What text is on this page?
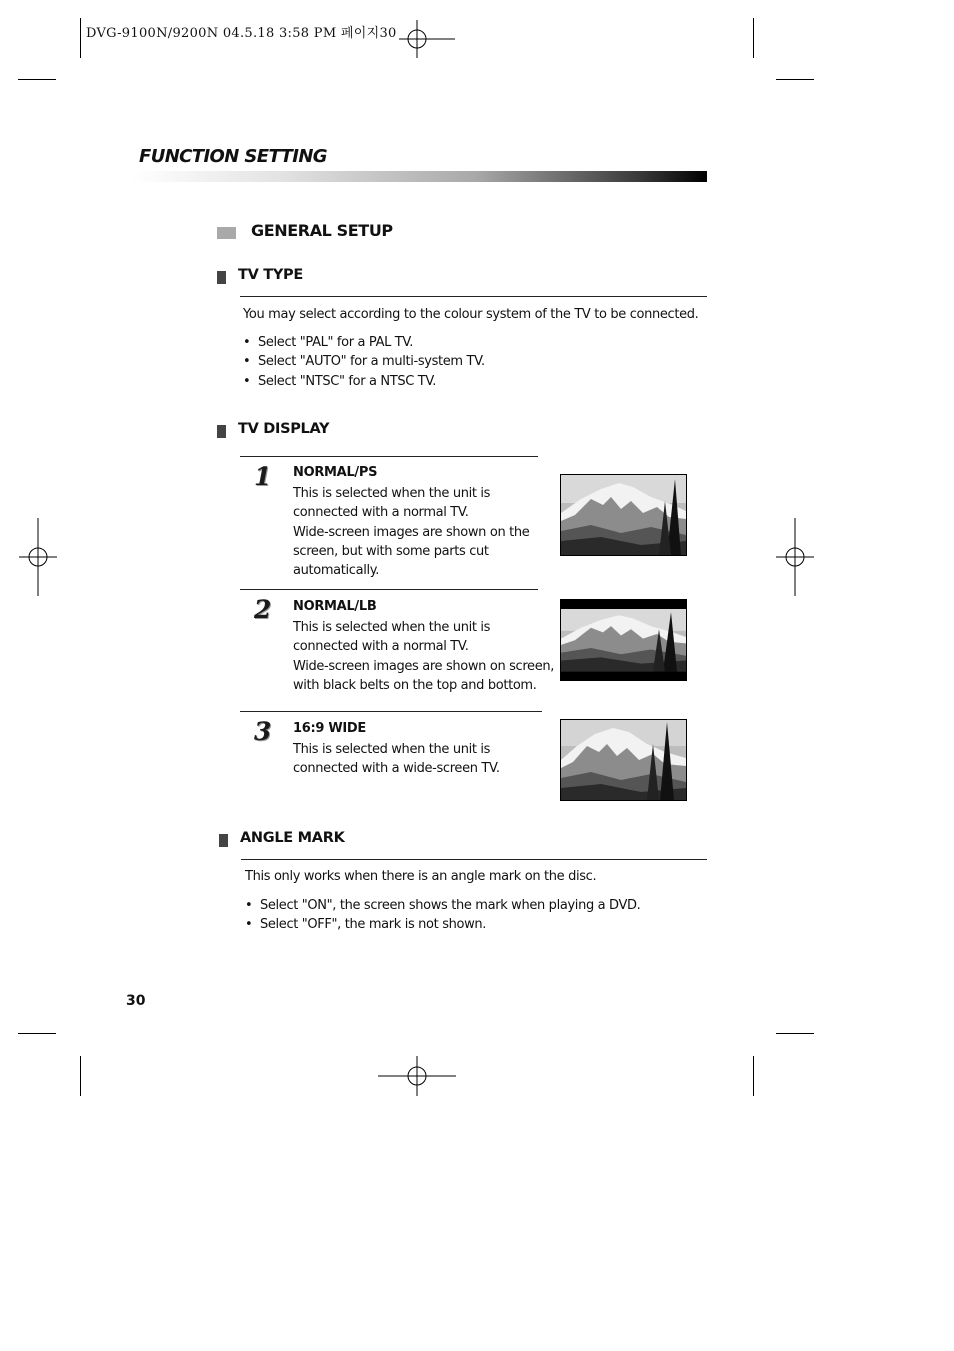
DVG-9100N/9200N 04.5.18 3:58 PM 페이지30
FUNCTION SETTING
GENERAL SETUP
TV TYPE
You may select according to the colour system of the TV to be connected.
• Select "PAL" for a PAL TV.
• Select "AUTO" for a multi-system TV.
• Select "NTSC" for a NTSC TV.
TV DISPLAY
1 NORMAL/PS
This is selected when the unit is
connected with a normal TV.
Wide-screen images are shown on the
screen, but with some parts cut
automatically.
2 NORMAL/LB
This is selected when the unit is
connected with a normal TV.
Wide-screen images are shown on screen,
with black belts on the top and bottom.
3 16:9 WIDE
This is selected when the unit is
connected with a wide-screen TV.
ANGLE MARK
This only works when there is an angle mark on the disc.
• Select "ON", the screen shows the mark when playing a DVD.
• Select "OFF", the mark is not shown.
30
